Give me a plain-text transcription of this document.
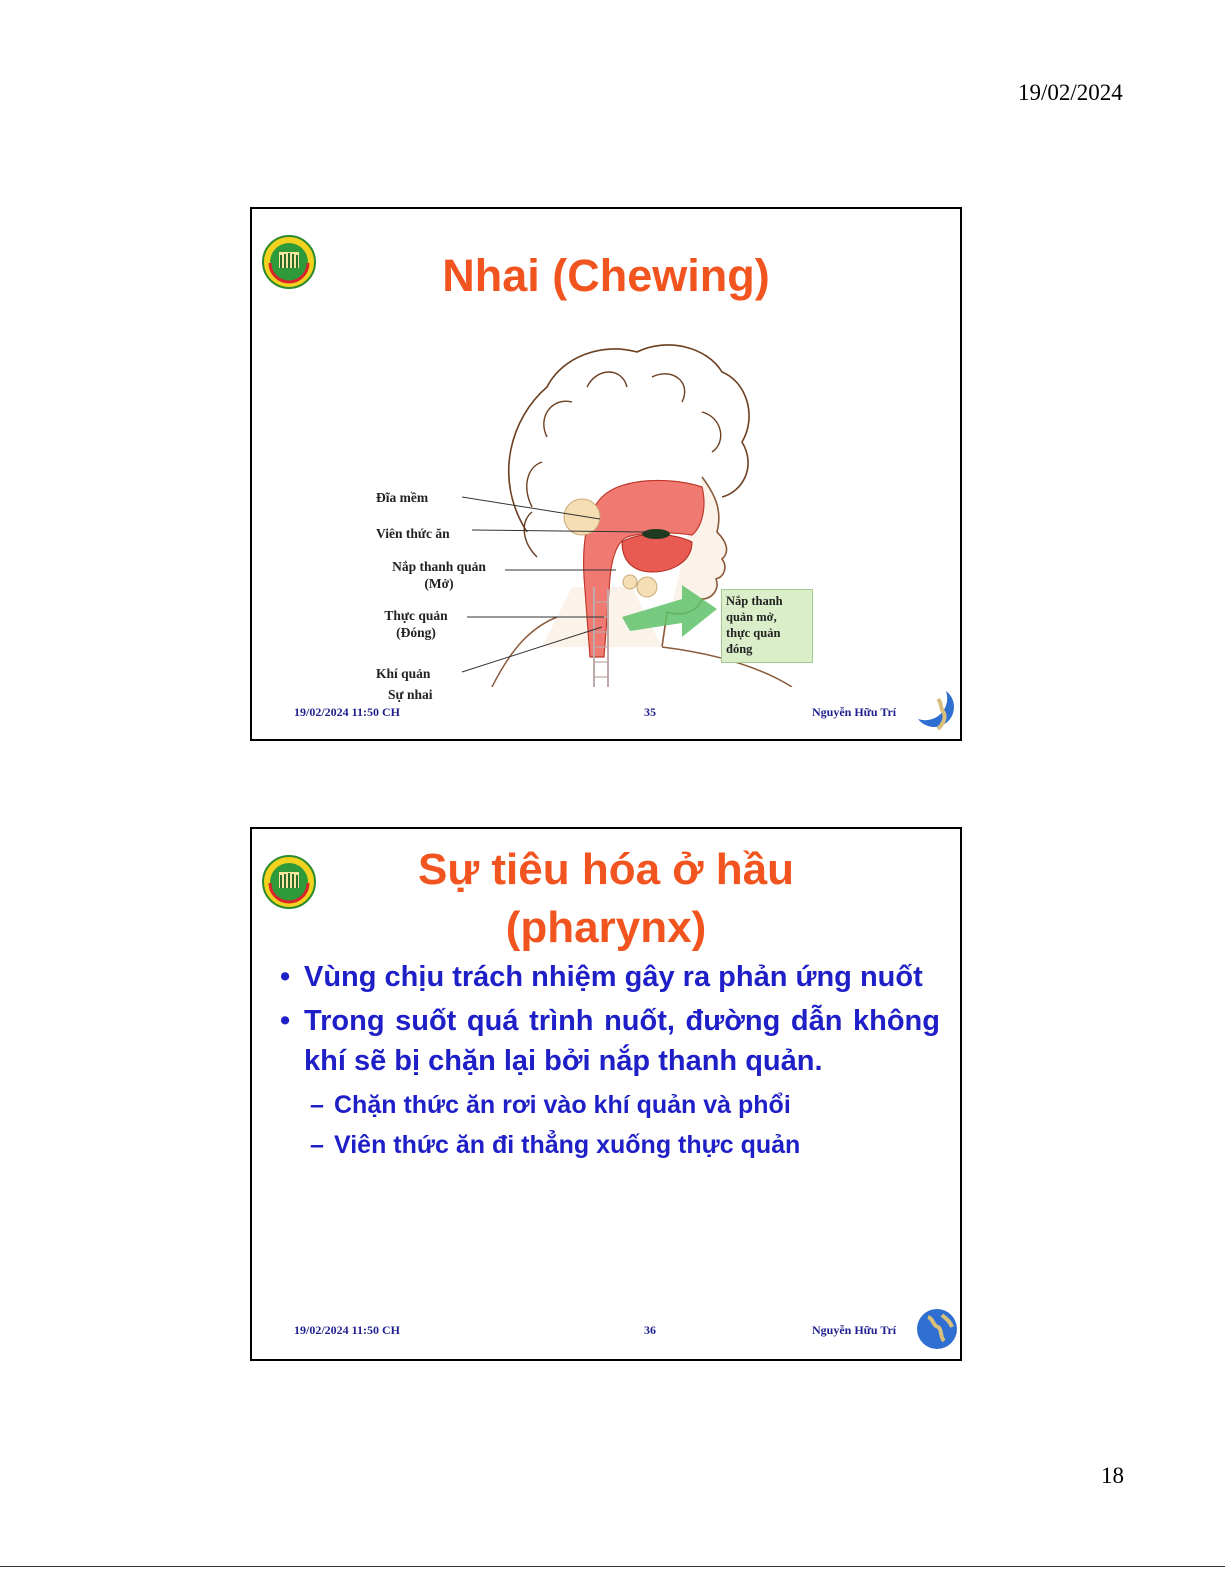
19/02/2024
Nhai (Chewing)
Đĩa mềm
Viên thức ăn
Nắp thanh quản
(Mở)
Thực quản
(Đóng)
Khí quản
Sự nhai
Nắp thanh
quản mở,
thực quản
đóng
19/02/2024 11:50 CH	35	Nguyễn Hữu Trí
Sự tiêu hóa ở hầu
(pharynx)
• Vùng chịu trách nhiệm gây ra phản ứng nuốt
• Trong suốt quá trình nuốt, đường dẫn không khí sẽ bị chặn lại bởi nắp thanh quản.
– Chặn thức ăn rơi vào khí quản và phổi
– Viên thức ăn đi thẳng xuống thực quản
19/02/2024 11:50 CH	36	Nguyễn Hữu Trí
18
